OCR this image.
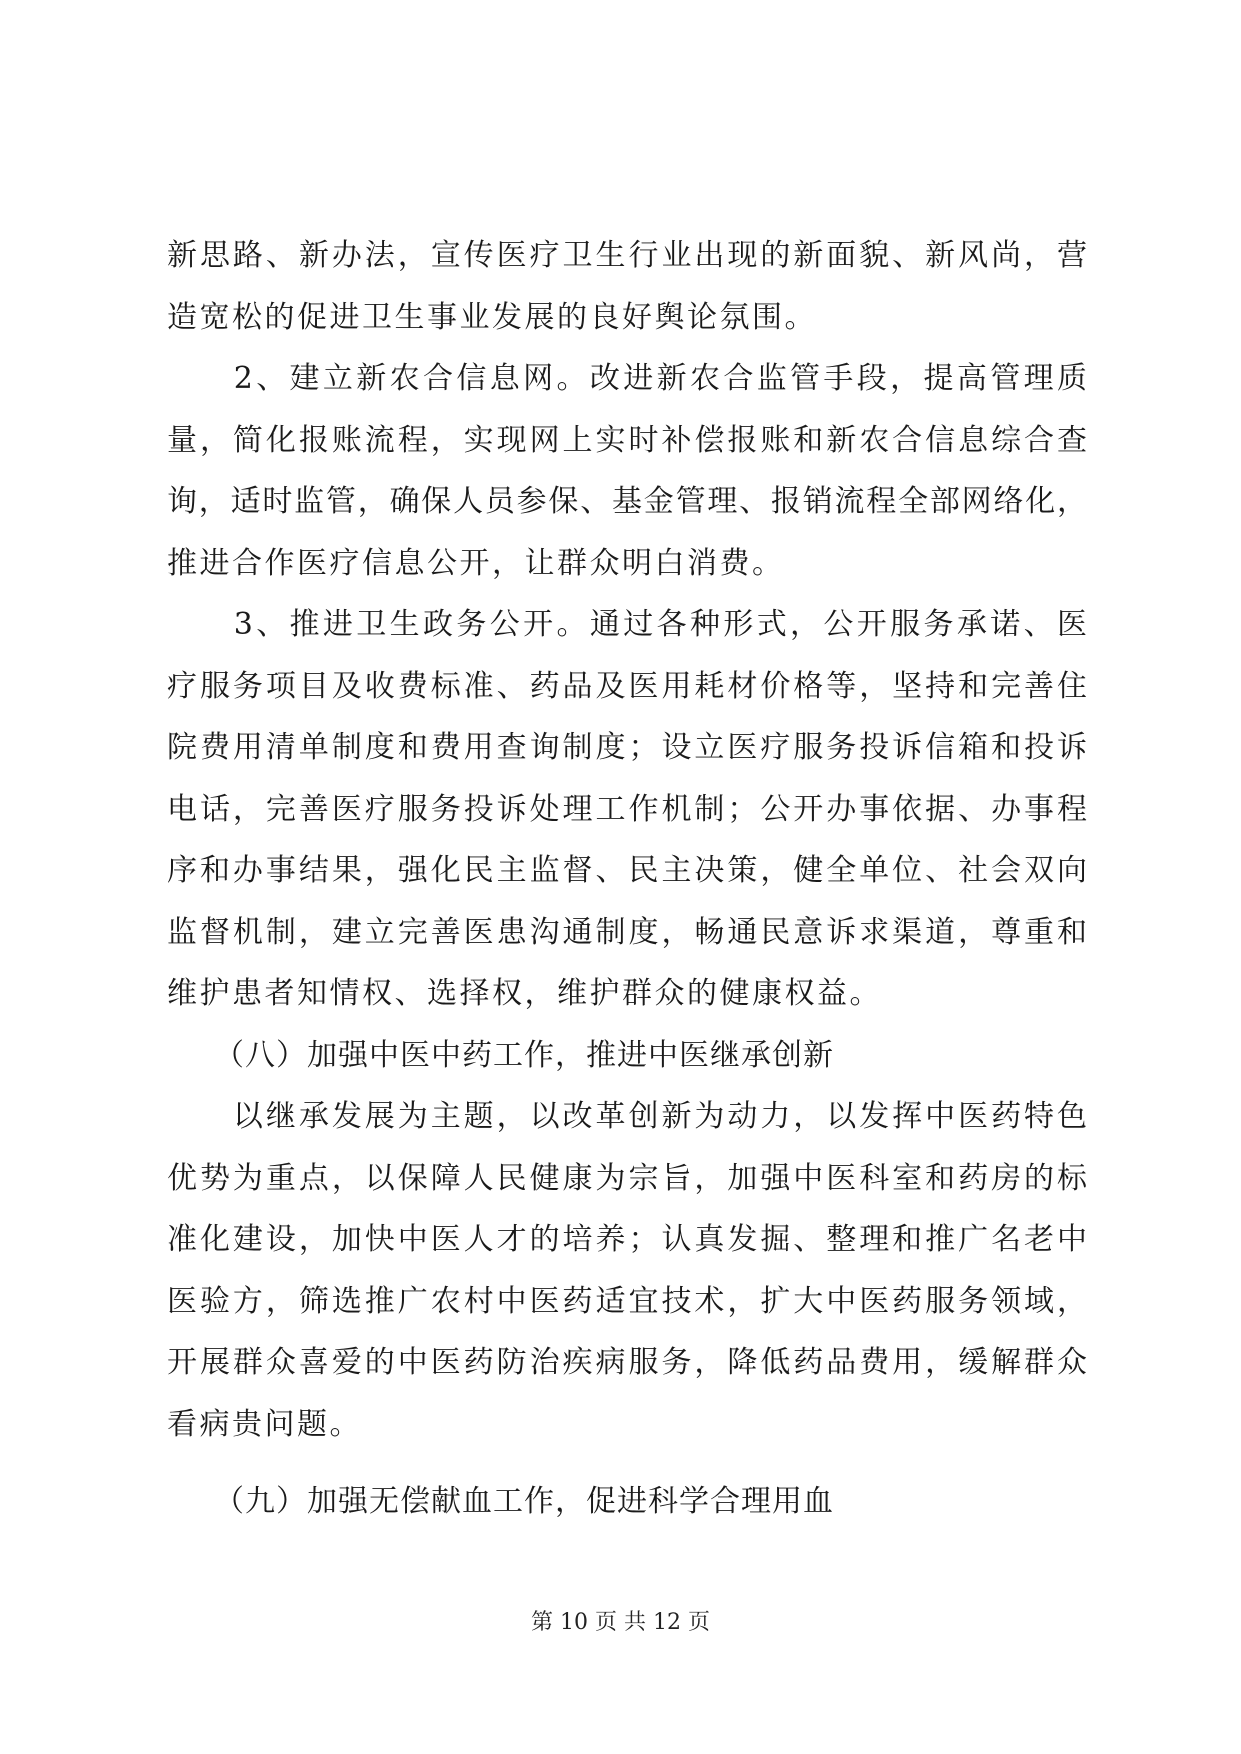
新思路、新办法，宣传医疗卫生行业出现的新面貌、新风尚，营
造宽松的促进卫生事业发展的良好舆论氛围。
　　2、建立新农合信息网。改进新农合监管手段，提高管理质
量，简化报账流程，实现网上实时补偿报账和新农合信息综合查
询，适时监管，确保人员参保、基金管理、报销流程全部网络化，
推进合作医疗信息公开，让群众明白消费。
　　3、推进卫生政务公开。通过各种形式，公开服务承诺、医
疗服务项目及收费标准、药品及医用耗材价格等，坚持和完善住
院费用清单制度和费用查询制度；设立医疗服务投诉信箱和投诉
电话，完善医疗服务投诉处理工作机制；公开办事依据、办事程
序和办事结果，强化民主监督、民主决策，健全单位、社会双向
监督机制，建立完善医患沟通制度，畅通民意诉求渠道，尊重和
维护患者知情权、选择权，维护群众的健康权益。
　　（八）加强中医中药工作，推进中医继承创新
　　以继承发展为主题，以改革创新为动力，以发挥中医药特色
优势为重点，以保障人民健康为宗旨，加强中医科室和药房的标
准化建设，加快中医人才的培养；认真发掘、整理和推广名老中
医验方，筛选推广农村中医药适宜技术，扩大中医药服务领域，
开展群众喜爱的中医药防治疾病服务，降低药品费用，缓解群众
看病贵问题。
　　（九）加强无偿献血工作，促进科学合理用血
第 10 页 共 12 页
